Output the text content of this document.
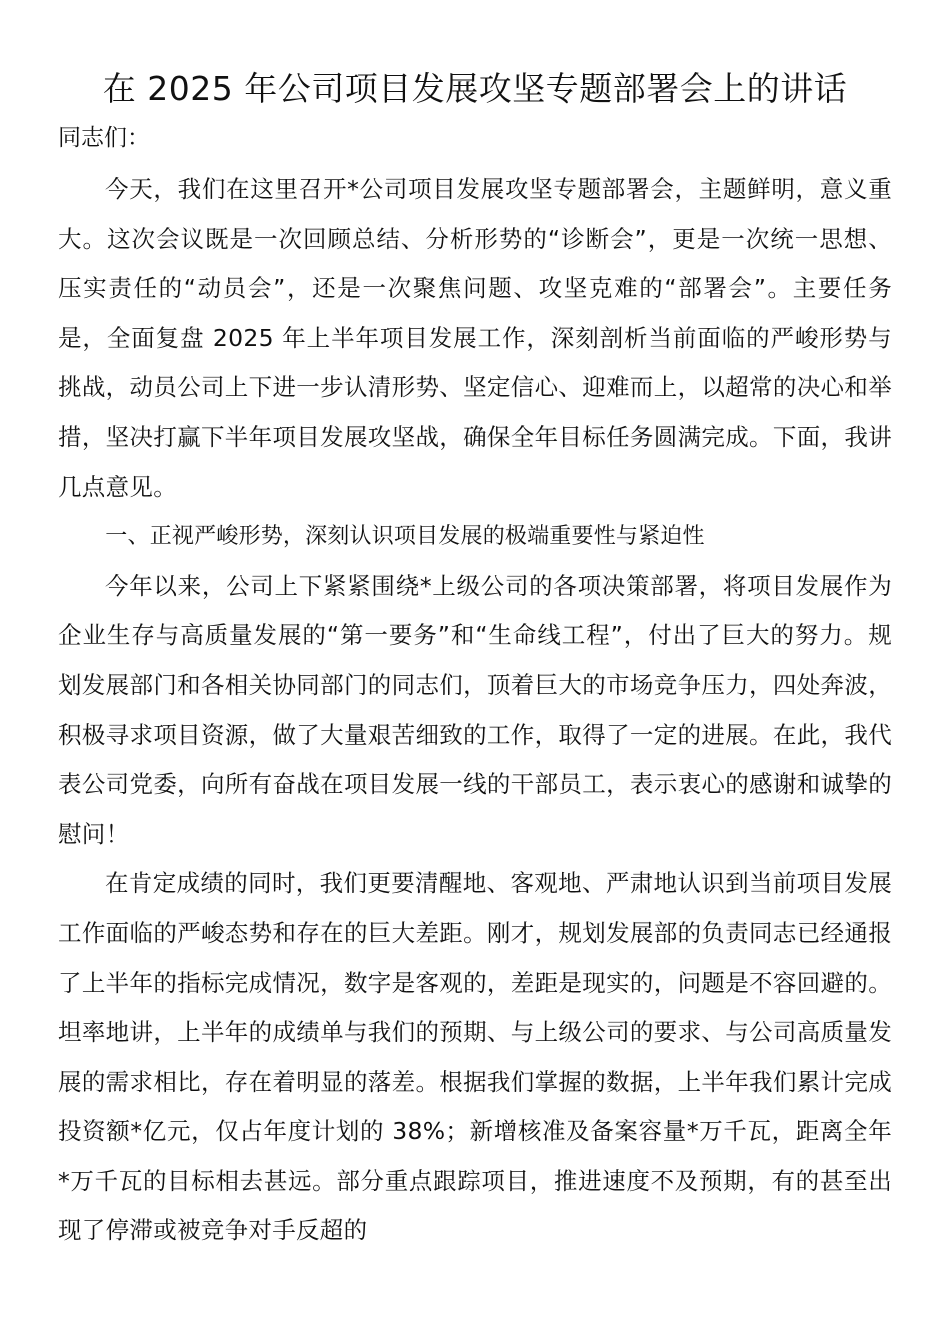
在 2025 年公司项目发展攻坚专题部署会上的讲话

同志们：

今天，我们在这里召开*公司项目发展攻坚专题部署会，主题鲜明，意义重大。这次会议既是一次回顾总结、分析形势的“诊断会”，更是一次统一思想、压实责任的“动员会”，还是一次聚焦问题、攻坚克难的“部署会”。主要任务是，全面复盘 2025 年上半年项目发展工作，深刻剖析当前面临的严峻形势与挑战，动员公司上下进一步认清形势、坚定信心、迎难而上，以超常的决心和举措，坚决打赢下半年项目发展攻坚战，确保全年目标任务圆满完成。下面，我讲几点意见。

一、正视严峻形势，深刻认识项目发展的极端重要性与紧迫性

今年以来，公司上下紧紧围绕*上级公司的各项决策部署，将项目发展作为企业生存与高质量发展的“第一要务”和“生命线工程”，付出了巨大的努力。规划发展部门和各相关协同部门的同志们，顶着巨大的市场竞争压力，四处奔波，积极寻求项目资源，做了大量艰苦细致的工作，取得了一定的进展。在此，我代表公司党委，向所有奋战在项目发展一线的干部员工，表示衷心的感谢和诚挚的慰问！

在肯定成绩的同时，我们更要清醒地、客观地、严肃地认识到当前项目发展工作面临的严峻态势和存在的巨大差距。刚才，规划发展部的负责同志已经通报了上半年的指标完成情况，数字是客观的，差距是现实的，问题是不容回避的。坦率地讲，上半年的成绩单与我们的预期、与上级公司的要求、与公司高质量发展的需求相比，存在着明显的落差。根据我们掌握的数据，上半年我们累计完成投资额*亿元，仅占年度计划的 38%；新增核准及备案容量*万千瓦，距离全年*万千瓦的目标相去甚远。部分重点跟踪项目，推进速度不及预期，有的甚至出现了停滞或被竞争对手反超的
